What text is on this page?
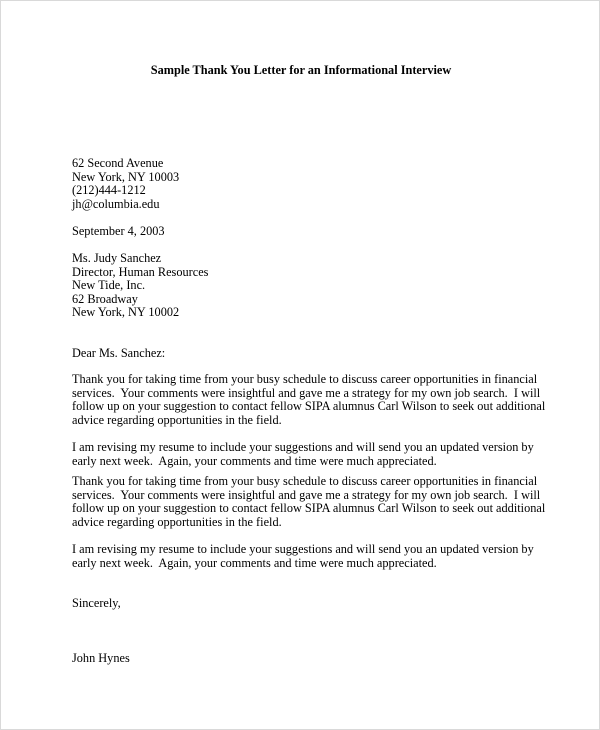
Sample Thank You Letter for an Informational Interview
62 Second Avenue
New York, NY 10003
(212)444-1212
jh@columbia.edu
September 4, 2003
Ms. Judy Sanchez
Director, Human Resources
New Tide, Inc.
62 Broadway
New York, NY 10002
Dear Ms. Sanchez:
Thank you for taking time from your busy schedule to discuss career opportunities in financial
services.  Your comments were insightful and gave me a strategy for my own job search.  I will
follow up on your suggestion to contact fellow SIPA alumnus Carl Wilson to seek out additional
advice regarding opportunities in the field.
I am revising my resume to include your suggestions and will send you an updated version by
early next week.  Again, your comments and time were much appreciated.
Thank you for taking time from your busy schedule to discuss career opportunities in financial
services.  Your comments were insightful and gave me a strategy for my own job search.  I will
follow up on your suggestion to contact fellow SIPA alumnus Carl Wilson to seek out additional
advice regarding opportunities in the field.
I am revising my resume to include your suggestions and will send you an updated version by
early next week.  Again, your comments and time were much appreciated.
Sincerely,
John Hynes
